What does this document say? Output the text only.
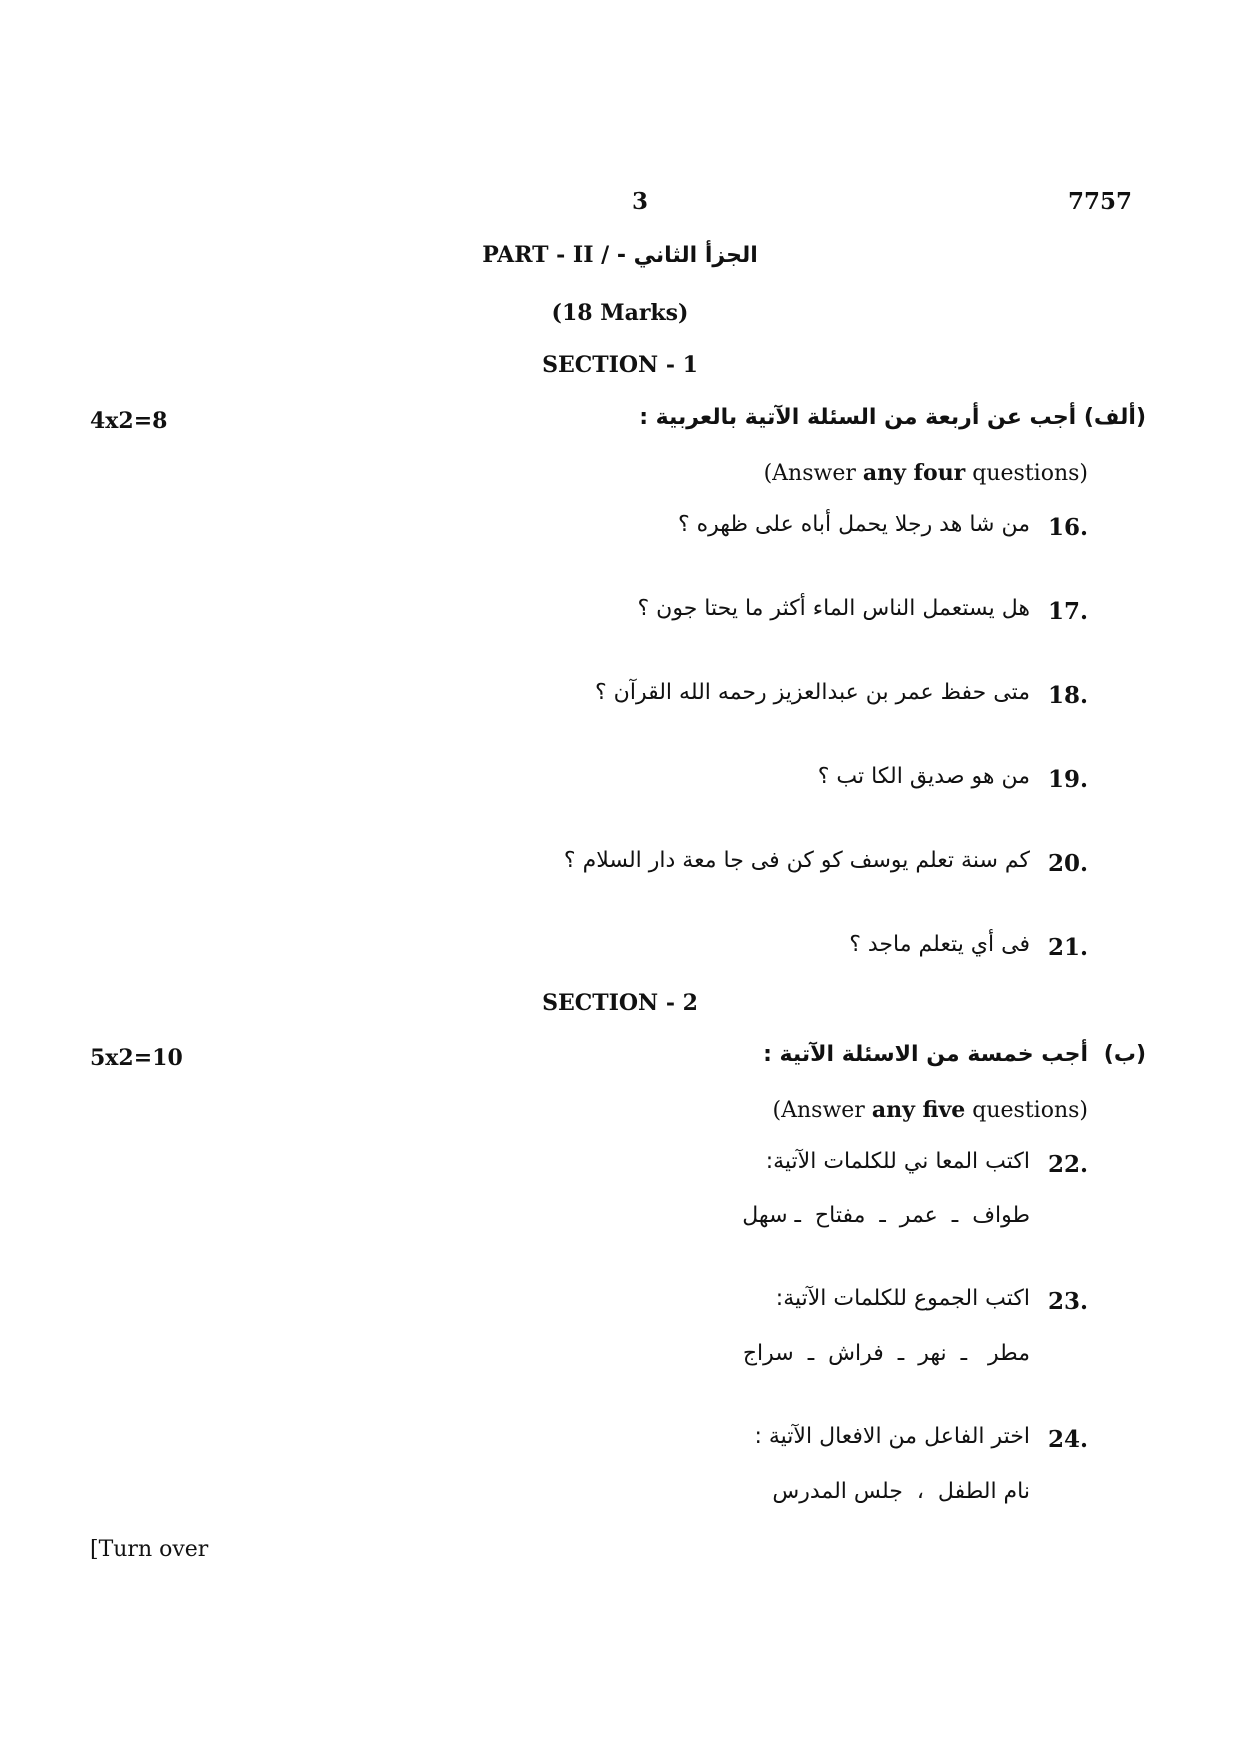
3	7757
PART - II / الجزأ الثاني -
(18 Marks)
SECTION - 1
4x2=8	(ألف) أجب عن أربعة من السئلة الآتية بالعربية :
(Answer any four questions)
16.
من شا هد رجلا يحمل أباه على ظهره ؟
17.
هل يستعمل الناس الماء أكثر ما يحتا جون ؟
18.
متى حفظ عمر بن عبدالعزيز رحمه الله القرآن ؟
19.
من هو صديق الكا تب ؟
20.
كم سنة تعلم يوسف كو كن فى جا معة دار السلام ؟
21.
فى أي يتعلم ماجد ؟
SECTION - 2
5x2=10	(ب)
أجب خمسة من الاسئلة الآتية :
(Answer any five questions)
22.
اكتب المعا ني للكلمات الآتية:
طواف  ـ  عمر  ـ  مفتاح  ـ سهل
23.
اكتب الجموع للكلمات الآتية:
مطر   ـ  نهر  ـ  فراش  ـ  سراج
24.
اختر الفاعل من الافعال الآتية :
نام الطفل  ،  جلس المدرس
[Turn over
